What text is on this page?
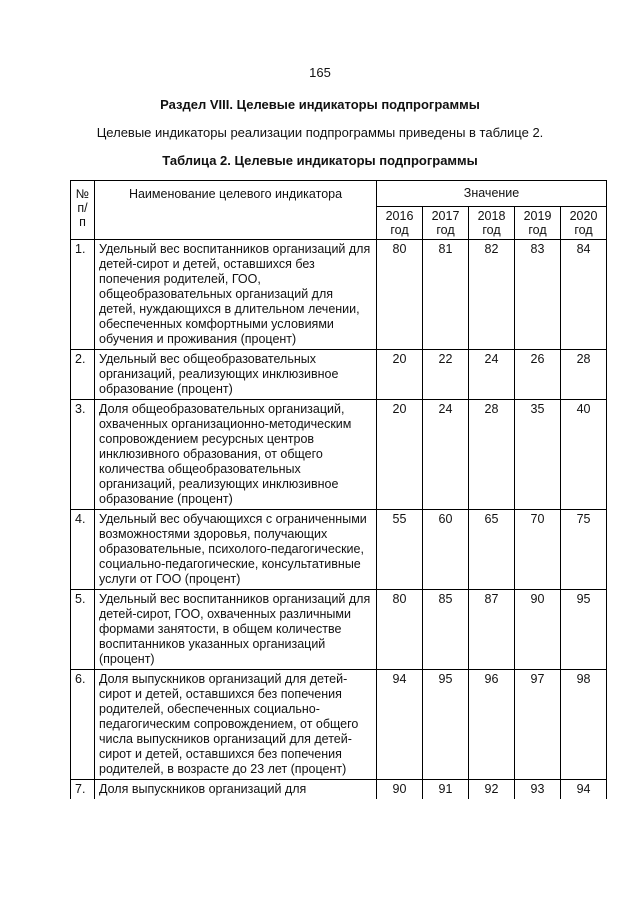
165
Раздел VIII. Целевые индикаторы подпрограммы
Целевые индикаторы реализации подпрограммы приведены в таблице 2.
Таблица 2. Целевые индикаторы подпрограммы
№ п/п	Наименование целевого индикатора	Значение				
		2016 год	2017 год	2018 год	2019 год	2020 год
1.	Удельный вес воспитанников организаций для детей-сирот и детей, оставшихся без попечения родителей, ГОО, общеобразовательных организаций для детей, нуждающихся в длительном лечении, обеспеченных комфортными условиями обучения и проживания (процент)	80	81	82	83	84
2.	Удельный вес общеобразовательных организаций, реализующих инклюзивное образование (процент)	20	22	24	26	28
3.	Доля общеобразовательных организаций, охваченных организационно-методическим сопровождением ресурсных центров инклюзивного образования, от общего количества общеобразовательных организаций, реализующих инклюзивное образование (процент)	20	24	28	35	40
4.	Удельный вес обучающихся с ограниченными возможностями здоровья, получающих образовательные, психолого-педагогические, социально-педагогические, консультативные услуги от ГОО (процент)	55	60	65	70	75
5.	Удельный вес воспитанников организаций для детей-сирот, ГОО, охваченных различными формами занятости, в общем количестве воспитанников указанных организаций (процент)	80	85	87	90	95
6.	Доля выпускников организаций для детей-сирот и детей, оставшихся без попечения родителей, обеспеченных социально-педагогическим сопровождением, от общего числа выпускников организаций для детей-сирот и детей, оставшихся без попечения родителей, в возрасте до 23 лет (процент)	94	95	96	97	98
7.	Доля выпускников организаций для	90	91	92	93	94
